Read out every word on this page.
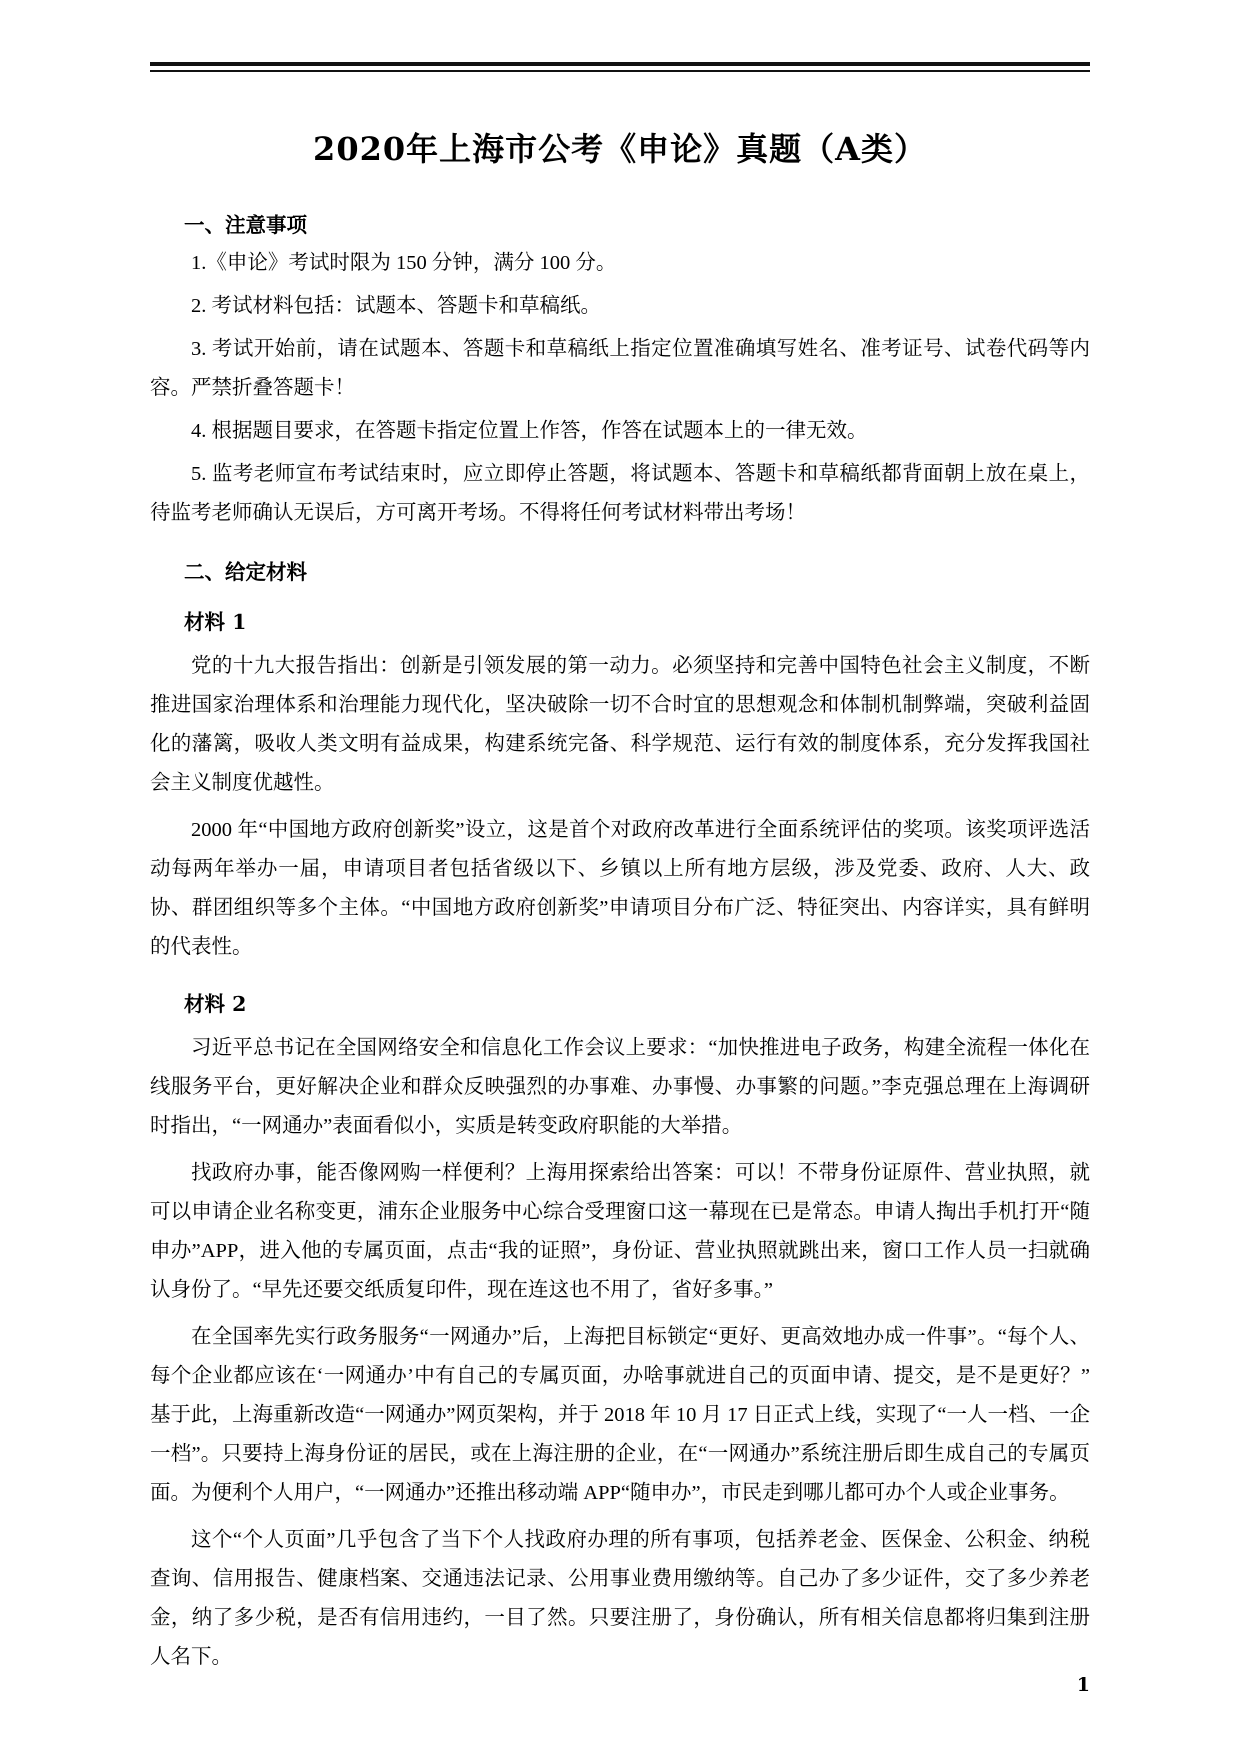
2020年上海市公考《申论》真题（A类）
一、注意事项

1.《申论》考试时限为 150 分钟，满分 100 分。

2. 考试材料包括：试题本、答题卡和草稿纸。

3. 考试开始前，请在试题本、答题卡和草稿纸上指定位置准确填写姓名、准考证号、试卷代码等内容。严禁折叠答题卡！

4. 根据题目要求，在答题卡指定位置上作答，作答在试题本上的一律无效。

5. 监考老师宣布考试结束时，应立即停止答题，将试题本、答题卡和草稿纸都背面朝上放在桌上，待监考老师确认无误后，方可离开考场。不得将任何考试材料带出考场！

二、给定材料
材料 1

党的十九大报告指出：创新是引领发展的第一动力。必须坚持和完善中国特色社会主义制度，不断推进国家治理体系和治理能力现代化，坚决破除一切不合时宜的思想观念和体制机制弊端，突破利益固化的藩篱，吸收人类文明有益成果，构建系统完备、科学规范、运行有效的制度体系，充分发挥我国社会主义制度优越性。

2000 年“中国地方政府创新奖”设立，这是首个对政府改革进行全面系统评估的奖项。该奖项评选活动每两年举办一届，申请项目者包括省级以下、乡镇以上所有地方层级，涉及党委、政府、人大、政协、群团组织等多个主体。“中国地方政府创新奖”申请项目分布广泛、特征突出、内容详实，具有鲜明的代表性。

材料 2

习近平总书记在全国网络安全和信息化工作会议上要求：“加快推进电子政务，构建全流程一体化在线服务平台，更好解决企业和群众反映强烈的办事难、办事慢、办事繁的问题。”李克强总理在上海调研时指出，“一网通办”表面看似小，实质是转变政府职能的大举措。

找政府办事，能否像网购一样便利？上海用探索给出答案：可以！不带身份证原件、营业执照，就可以申请企业名称变更，浦东企业服务中心综合受理窗口这一幕现在已是常态。申请人掏出手机打开“随申办”APP，进入他的专属页面，点击“我的证照”，身份证、营业执照就跳出来，窗口工作人员一扫就确认身份了。“早先还要交纸质复印件，现在连这也不用了，省好多事。”

在全国率先实行政务服务“一网通办”后，上海把目标锁定“更好、更高效地办成一件事”。“每个人、每个企业都应该在‘一网通办’中有自己的专属页面，办啥事就进自己的页面申请、提交，是不是更好？”基于此，上海重新改造“一网通办”网页架构，并于 2018 年 10 月 17 日正式上线，实现了“一人一档、一企一档”。只要持上海身份证的居民，或在上海注册的企业，在“一网通办”系统注册后即生成自己的专属页面。为便利个人用户，“一网通办”还推出移动端 APP“随申办”，市民走到哪儿都可办个人或企业事务。

这个“个人页面”几乎包含了当下个人找政府办理的所有事项，包括养老金、医保金、公积金、纳税查询、信用报告、健康档案、交通违法记录、公用事业费用缴纳等。自己办了多少证件，交了多少养老金，纳了多少税，是否有信用违约，一目了然。只要注册了，身份确认，所有相关信息都将归集到注册人名下。

1
